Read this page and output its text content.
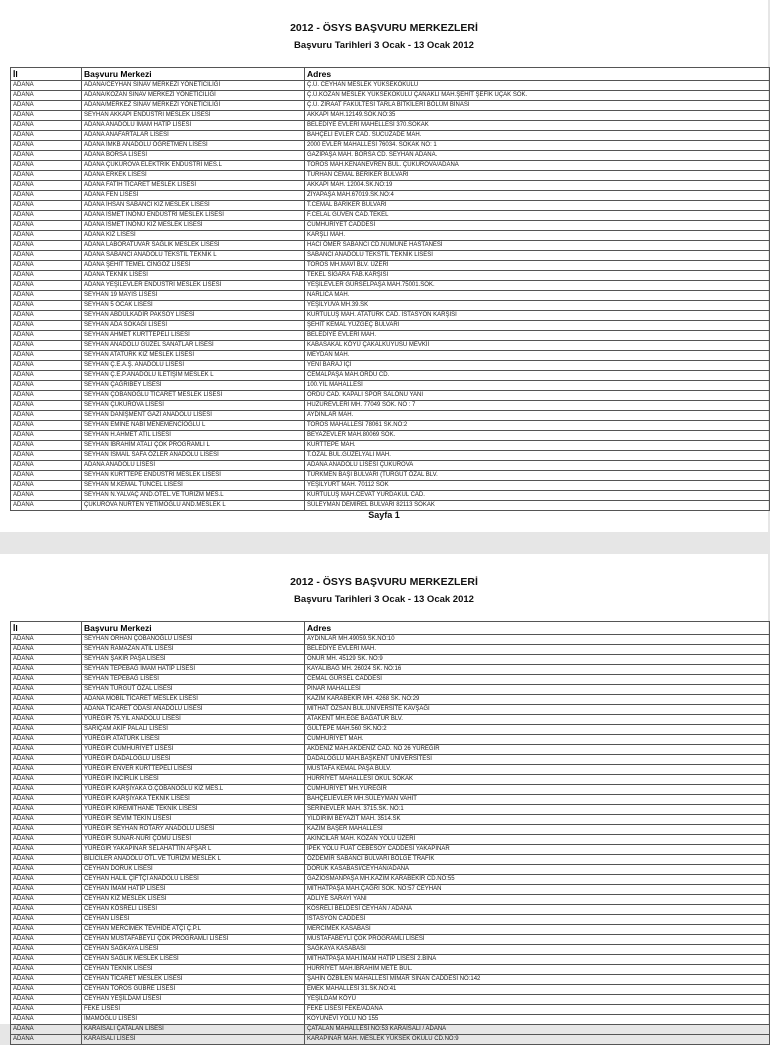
2012 - ÖSYS BAŞVURU MERKEZLERİ
Başvuru Tarihleri 3 Ocak - 13 Ocak 2012
İl	Başvuru Merkezi	Adres
ADANA	ADANA/CEYHAN SINAV MERKEZİ YÖNETİCILİĞİ	Ç.Ü. CEYHAN MESLEK YÜKSEKOKULU
ADANA	ADANA/KOZAN SINAV MERKEZİ YÖNETİCILİĞİ	Ç.Ü.KOZAN MESLEK YÜKSEKOKULU ÇANAKLI MAH.ŞEHİT ŞEFİK UÇAK SOK.
ADANA	ADANA/MERKEZ SINAV MERKEZİ YÖNETİCILİĞİ	Ç.Ü. ZİRAAT FAKÜLTESİ TARLA BİTKİLERİ BÖLÜM BİNASI
ADANA	SEYHAN AKKAPI ENDÜSTRI MESLEK LİSESİ	AKKAPI MAH.12149.SOK.NO:35
ADANA	ADANA ANADOLU İMAM HATİP LİSESİ	BELEDİYE EVLERİ MAHELLESİ 370.SOKAK
ADANA	ADANA ANAFARTALAR LİSESİ	BAHÇELİ EVLER CAD. SUCUZADE MAH.
ADANA	ADANA İMKB ANADOLU ÖĞRETMEN LİSESİ	2000 EVLER MAHALLESİ 76034. SOKAK NO: 1
ADANA	ADANA BORSA LİSESİ	GAZİPAŞA MAH. BORSA CD. SEYHAN ADANA.
ADANA	ADANA ÇUKUROVA ELEKTRİK ENDÜSTRİ MES.L	TOROS MAH.KENANEVREN BUL. ÇUKUROVA/ADANA
ADANA	ADANA ERKEK LİSESİ	TURHAN CEMAL BERİKER BULVARI
ADANA	ADANA FATİH TİCARET MESLEK LİSESİ	AKKAPI MAH. 12004.SK.NO:19
ADANA	ADANA FEN LİSESİ	ZİYAPAŞA MAH.67019.SK.NO:4
ADANA	ADANA İHSAN SABANCI KIZ MESLEK LİSESİ	T.CEMAL BARİKER BULVARI
ADANA	ADANA İSMET İNÖNÜ ENDÜSTRİ MESLEK LİSESİ	F.CELAL GÜVEN CAD.TEKEL
ADANA	ADANA İSMET İNÖNÜ KIZ MESLEK LİSESİ	CUMHURİYET CADDESİ
ADANA	ADANA KIZ LİSESİ	KARŞLI MAH.
ADANA	ADANA LABORATUVAR SAĞLIK MESLEK LİSESİ	HACI ÖMER SABANCI CD.NUMUNE HASTANESİ
ADANA	ADANA SABANCI ANADOLU TEKSTİL TEKNİK L	SABANCI ANADOLU TEKSTİL TEKNİK LİSESİ
ADANA	ADANA ŞEHİT TEMEL CİNGÖZ LİSESİ	TOROS MH.MAVİ BLV. ÜZERİ
ADANA	ADANA TEKNİK LİSESİ	TEKEL SİGARA FAB.KARŞISI
ADANA	ADANA YEŞİLEVLER ENDÜSTRİ MESLEK LİSESİ	YEŞİLEVLER GÜRSELPAŞA MAH.75001.SOK.
ADANA	SEYHAN 19 MAYIS LİSESİ	NARLICA MAH.
ADANA	SEYHAN 5 OCAK LİSESİ	YEŞİLYUVA MH.39.SK
ADANA	SEYHAN ABDÜLKADİR PAKSOY LİSESİ	KURTULUŞ MAH. ATATÜRK CAD. İSTASYON KARŞISI
ADANA	SEYHAN ADA SOKAĞI LİSESİ	ŞEHİT KEMAL YÜZGEÇ BULVARI
ADANA	SEYHAN AHMET KURTTEPELİ LİSESİ	BELEDİYE EVLERİ MAH.
ADANA	SEYHAN ANADOLU GÜZEL SANATLAR LİSESİ	KABASAKAL KÖYÜ ÇAKALKUYUSU MEVKİİ
ADANA	SEYHAN ATATÜRK KIZ MESLEK LİSESİ	MEYDAN MAH.
ADANA	SEYHAN Ç.E.A.Ş. ANADOLU LİSESİ	YENİ BARAJ İÇİ
ADANA	SEYHAN Ç.E.P.ANADOLU İLETİŞİM MESLEK L	CEMALPAŞA MAH.ORDU CD.
ADANA	SEYHAN ÇAĞRIBEY LİSESİ	100.YIL MAHALLESİ
ADANA	SEYHAN ÇOBANOĞLU TİCARET MESLEK LİSESİ	ORDU CAD. KAPALI SPOR SALONU YANI
ADANA	SEYHAN ÇUKUROVA LİSESİ	HUZUREVLERİ MH. 77049 SOK. NO : 7
ADANA	SEYHAN DANİŞMENT GAZİ ANADOLU LİSESİ	AYDINLAR MAH.
ADANA	SEYHAN EMİNE NABİ MENEMENCİOĞLU L	TOROS MAHALLESİ 78061 SK.NO:2
ADANA	SEYHAN H.AHMET ATIL LİSESİ	BEYAZEVLER MAH.80069 SOK.
ADANA	SEYHAN İBRAHİM ATALI ÇOK PROGRAMLI L	KURTTEPE MAH.
ADANA	SEYHAN İSMAİL SAFA ÖZLER ANADOLU LİSESİ	T.ÖZAL BUL.GÜZELYALI MAH.
ADANA	ADANA ANADOLU LİSESİ	ADANA ANADOLU LİSESİ ÇUKUROVA
ADANA	SEYHAN KURTTEPE ENDÜSTRİ MESLEK LİSESİ	TÜRKMEN BAŞI BULVARI (TURGUT ÖZAL BLV.
ADANA	SEYHAN M.KEMAL TUNCEL LİSESİ	YEŞİLYURT MAH. 70112 SOK
ADANA	SEYHAN N.YALVAÇ AND.OTEL.VE TURİZM MES.L	KURTULUŞ MAH.CEVAT YURDAKUL CAD.
ADANA	ÇUKUROVA NURTEN YETİMOĞLU AND.MESLEK L	SÜLEYMAN DEMİREL BULVARI 82113 SOKAK
Sayfa 1
2012 - ÖSYS BAŞVURU MERKEZLERİ
Başvuru Tarihleri 3 Ocak - 13 Ocak 2012
İl	Başvuru Merkezi	Adres
ADANA	SEYHAN ORHAN ÇOBANOĞLU LİSESİ	AYDINLAR MH.49059.SK.NO:10
ADANA	SEYHAN RAMAZAN ATIL LİSESİ	BELEDİYE EVLERİ MAH.
ADANA	SEYHAN ŞAKİR PAŞA LİSESİ	ONUR MH. 45129 SK. NO:9
ADANA	SEYHAN TEPEBAĞ İMAM HATİP LİSESİ	KAYALIBAĞ MH. 26024 SK. NO:16
ADANA	SEYHAN TEPEBAĞ LİSESİ	CEMAL GÜRSEL CADDESİ
ADANA	SEYHAN TURGUT ÖZAL LİSESİ	PINAR MAHALLESİ
ADANA	ADANA MOBİL TİCARET MESLEK LİSESİ	KAZIM KARABEKİR MH. 4268 SK. NO:29
ADANA	ADANA TİCARET ODASI ANADOLU LİSESİ	MİTHAT ÖZSAN BUL.ÜNİVERSİTE KAVŞAĞI
ADANA	YÜREĞİR 75.YIL ANADOLU LİSESİ	ATAKENT MH.EGE BAĞATUR BLV.
ADANA	SARIÇAM AKİF PALALI LİSESİ	GÜLTEPE MAH.560 SK.NO:2
ADANA	YÜREĞİR ATATÜRK LİSESİ	CUMHURİYET MAH.
ADANA	YÜREĞİR CUMHURİYET LİSESİ	AKDENİZ MAH.AKDENİZ CAD. NO 26 YÜREĞİR
ADANA	YÜREĞİR DADALOĞLU LİSESİ	DADALOĞLU MAH.BAŞKENT ÜNİVERSİTESİ
ADANA	YÜREĞİR ENVER KURTTEPELİ LİSESİ	MUSTAFA KEMAL PAŞA BULV.
ADANA	YÜREĞİR İNCİRLİK LİSESİ	HÜRRİYET MAHALLESİ OKUL SOKAK
ADANA	YÜREĞİR KARŞIYAKA O.ÇOBANOĞLU KIZ MES.L	CUMHURİYET MH.YÜREĞİR
ADANA	YÜREĞİR KARŞIYAKA TEKNİK LİSESİ	BAHÇELİEVLER MH.SÜLEYMAN VAHİT
ADANA	YÜREĞİR KİREMİTHANE TEKNİK LİSESİ	SERİNEVLER MAH. 3715.SK. NO:1
ADANA	YÜREĞİR SEVİM TEKİN LİSESİ	YILDIRIM BEYAZIT MAH. 3514.SK
ADANA	YÜREĞİR SEYHAN ROTARY ANADOLU LİSESİ	KAZIM BAŞER MAHALLESİ
ADANA	YÜREĞİR SUNAR-NURİ ÇOMU LİSESİ	AKINCILAR MAH. KOZAN YOLU ÜZERİ
ADANA	YÜREĞİR YAKAPINAR SELAHATTİN AFŞAR L	İPEK YOLU FUAT CEBESOY CADDESİ YAKAPINAR
ADANA	BİLİCİLER ANADOLU OTL.VE TURİZM MESLEK L	ÖZDEMİR SABANCI BULVARI BÖLGE TRAFİK
ADANA	CEYHAN DORUK LİSESİ	DORUK KASABASI/CEYHAN/ADANA
ADANA	CEYHAN HALİL ÇİFTÇİ ANADOLU LİSESİ	GAZİOSMANPAŞA MH.KAZIM KARABEKİR CD.NO:55
ADANA	CEYHAN İMAM HATİP LİSESİ	MİTHATPAŞA MAH.ÇAĞRI SOK. NO:57 CEYHAN
ADANA	CEYHAN KIZ MESLEK LİSESİ	ADLİYE SARAYI YANI
ADANA	CEYHAN KÖSRELİ LİSESİ	KÖSRELİ BELDESİ CEYHAN / ADANA
ADANA	CEYHAN LİSESİ	İSTASYON CADDESİ
ADANA	CEYHAN MERCİMEK TEVHİDE ATÇI Ç.P.L	MERCİMEK KASABASI
ADANA	CEYHAN MUSTAFABEYLİ ÇOK PROGRAMLI LİSESİ	MUSTAFABEYLİ ÇOK PROGRAMLI LİSESİ
ADANA	CEYHAN SAĞKAYA LİSESİ	SAĞKAYA KASABASI
ADANA	CEYHAN SAĞLIK MESLEK LİSESİ	MİTHATPAŞA MAH.İMAM HATİP LİSESİ 2.BİNA
ADANA	CEYHAN TEKNİK LİSESİ	HÜRRİYET MAH.İBRAHİM METE BUL.
ADANA	CEYHAN TİCARET MESLEK LİSESİ	ŞAHİN ÖZBİLEN MAHALLESİ MİMAR SİNAN CADDESİ NO:142
ADANA	CEYHAN TOROS GÜBRE LİSESİ	EMEK MAHALLESİ 31.SK.NO:41
ADANA	CEYHAN YEŞİLDAM LİSESİ	YEŞİLDAM KÖYÜ
ADANA	FEKE LİSESİ	FEKE LİSESİ FEKE/ADANA
ADANA	İMAMOĞLU LİSESİ	KOYUNEVİ YOLU NO 155
ADANA	KARAİSALI ÇATALAN LİSESİ	ÇATALAN MAHALLESİ NO:53 KARAİSALI / ADANA
ADANA	KARAİSALI LİSESİ	KARAPINAR MAH. MESLEK YÜKSEK OKULU CD.NO:9
